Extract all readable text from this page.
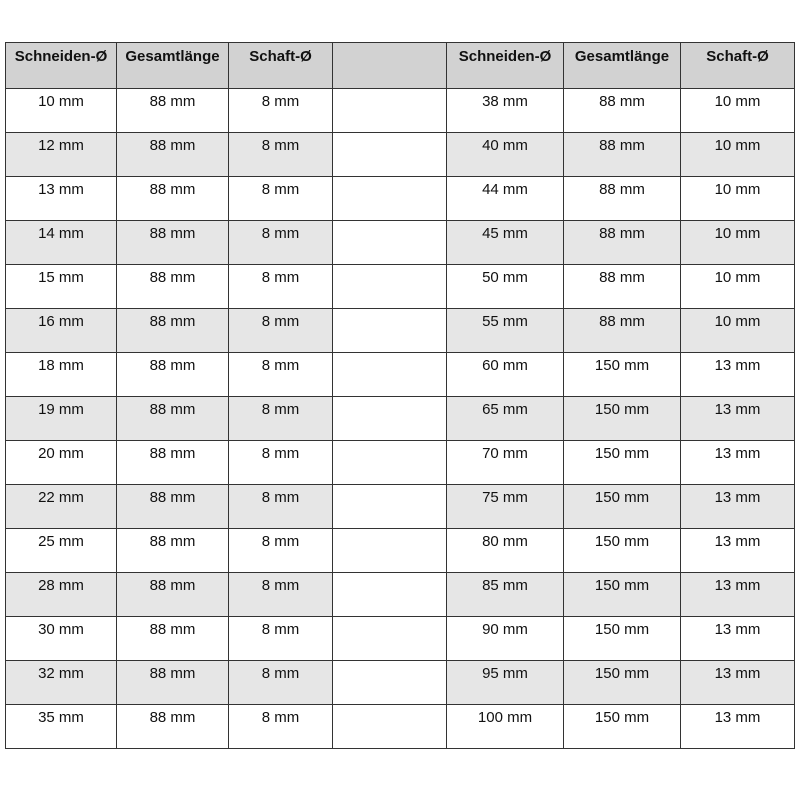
Schneiden-Ø	Gesamtlänge	Schaft-Ø		Schneiden-Ø	Gesamtlänge	Schaft-Ø
10 mm	88 mm	8 mm		38 mm	88 mm	10 mm
12 mm	88 mm	8 mm		40 mm	88 mm	10 mm
13 mm	88 mm	8 mm		44 mm	88 mm	10 mm
14 mm	88 mm	8 mm		45 mm	88 mm	10 mm
15 mm	88 mm	8 mm		50 mm	88 mm	10 mm
16 mm	88 mm	8 mm		55 mm	88 mm	10 mm
18 mm	88 mm	8 mm		60 mm	150 mm	13 mm
19 mm	88 mm	8 mm		65 mm	150 mm	13 mm
20 mm	88 mm	8 mm		70 mm	150 mm	13 mm
22 mm	88 mm	8 mm		75 mm	150 mm	13 mm
25 mm	88 mm	8 mm		80 mm	150 mm	13 mm
28 mm	88 mm	8 mm		85 mm	150 mm	13 mm
30 mm	88 mm	8 mm		90 mm	150 mm	13 mm
32 mm	88 mm	8 mm		95 mm	150 mm	13 mm
35 mm	88 mm	8 mm		100 mm	150 mm	13 mm
